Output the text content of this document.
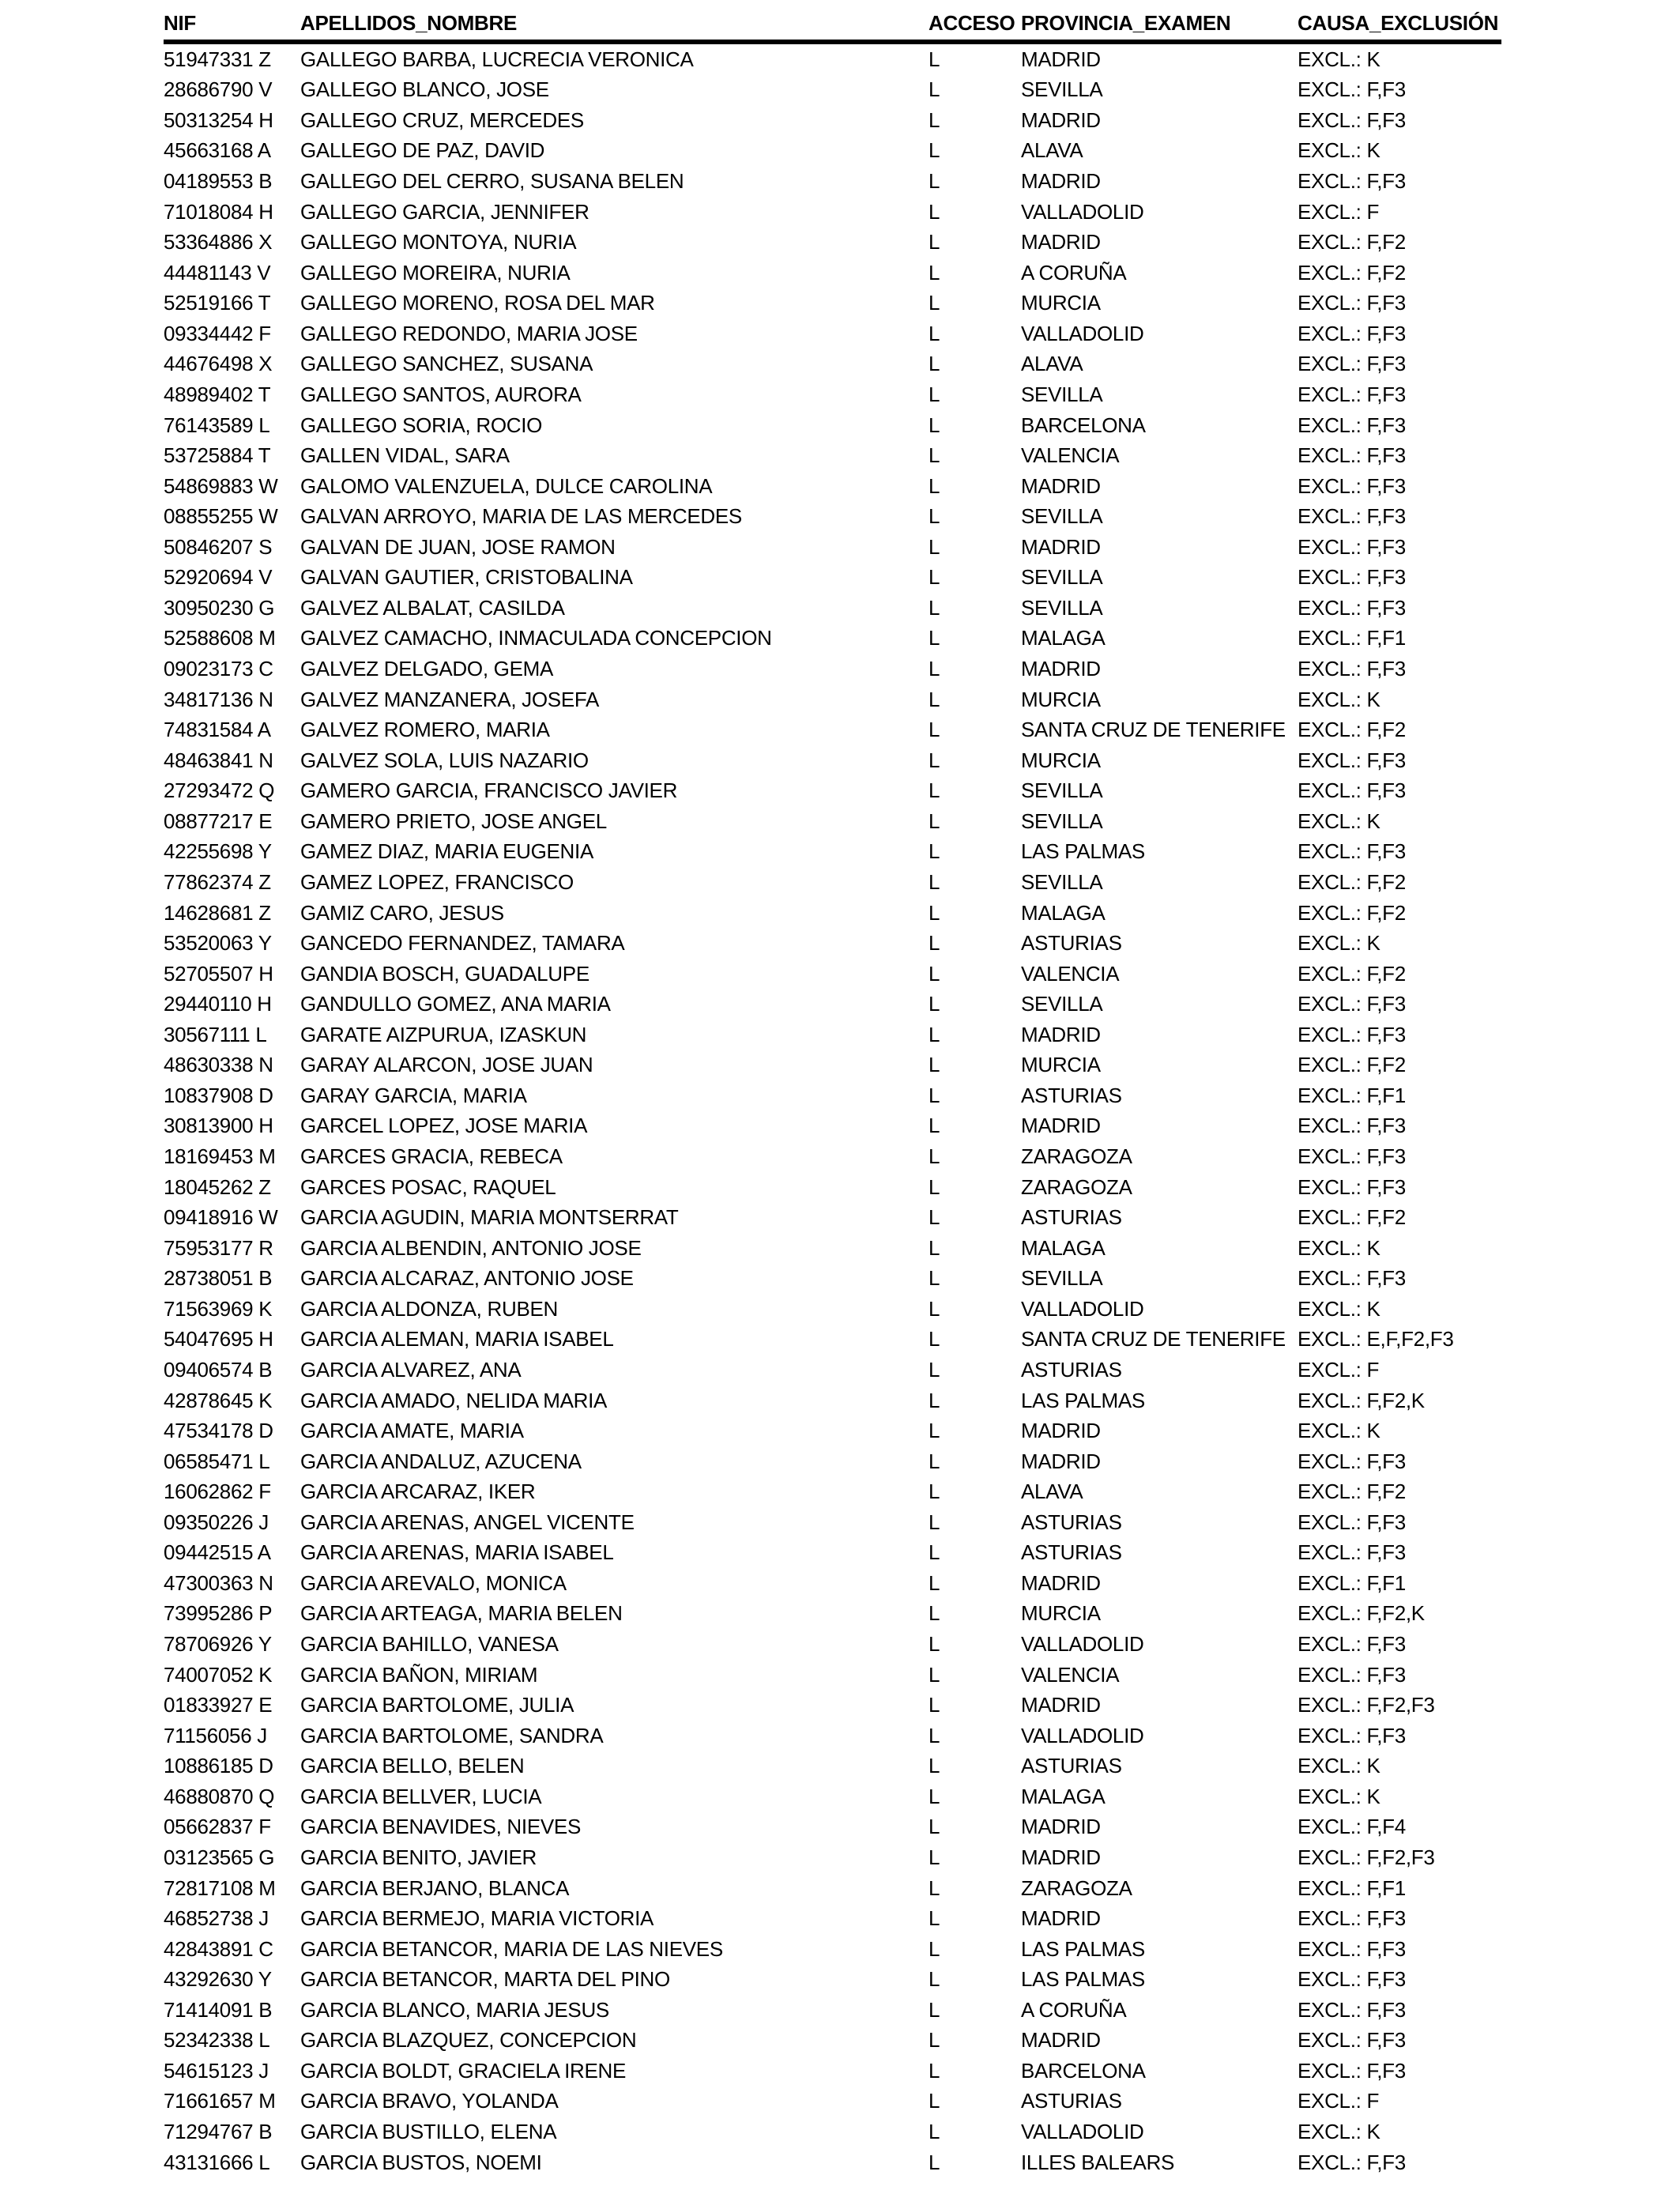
NIF	APELLIDOS_NOMBRE	ACCESO PROVINCIA_EXAMEN	CAUSA_EXCLUSIÓN
51947331 Z	GALLEGO BARBA, LUCRECIA VERONICA	L	MADRID	EXCL.: K
28686790 V	GALLEGO BLANCO, JOSE	L	SEVILLA	EXCL.: F,F3
50313254 H	GALLEGO CRUZ, MERCEDES	L	MADRID	EXCL.: F,F3
45663168 A	GALLEGO DE PAZ, DAVID	L	ALAVA	EXCL.: K
04189553 B	GALLEGO DEL CERRO, SUSANA BELEN	L	MADRID	EXCL.: F,F3
71018084 H	GALLEGO GARCIA, JENNIFER	L	VALLADOLID	EXCL.: F
53364886 X	GALLEGO MONTOYA, NURIA	L	MADRID	EXCL.: F,F2
44481143 V	GALLEGO MOREIRA, NURIA	L	A CORUÑA	EXCL.: F,F2
52519166 T	GALLEGO MORENO, ROSA DEL MAR	L	MURCIA	EXCL.: F,F3
09334442 F	GALLEGO REDONDO, MARIA JOSE	L	VALLADOLID	EXCL.: F,F3
44676498 X	GALLEGO SANCHEZ, SUSANA	L	ALAVA	EXCL.: F,F3
48989402 T	GALLEGO SANTOS, AURORA	L	SEVILLA	EXCL.: F,F3
76143589 L	GALLEGO SORIA, ROCIO	L	BARCELONA	EXCL.: F,F3
53725884 T	GALLEN VIDAL, SARA	L	VALENCIA	EXCL.: F,F3
54869883 W	GALOMO VALENZUELA, DULCE CAROLINA	L	MADRID	EXCL.: F,F3
08855255 W	GALVAN ARROYO, MARIA DE LAS MERCEDES	L	SEVILLA	EXCL.: F,F3
50846207 S	GALVAN DE JUAN, JOSE RAMON	L	MADRID	EXCL.: F,F3
52920694 V	GALVAN GAUTIER, CRISTOBALINA	L	SEVILLA	EXCL.: F,F3
30950230 G	GALVEZ ALBALAT, CASILDA	L	SEVILLA	EXCL.: F,F3
52588608 M	GALVEZ CAMACHO, INMACULADA CONCEPCION	L	MALAGA	EXCL.: F,F1
09023173 C	GALVEZ DELGADO, GEMA	L	MADRID	EXCL.: F,F3
34817136 N	GALVEZ MANZANERA, JOSEFA	L	MURCIA	EXCL.: K
74831584 A	GALVEZ ROMERO, MARIA	L	SANTA CRUZ DE TENERIFE EXCL.: F,F2
48463841 N	GALVEZ SOLA, LUIS NAZARIO	L	MURCIA	EXCL.: F,F3
27293472 Q	GAMERO GARCIA, FRANCISCO JAVIER	L	SEVILLA	EXCL.: F,F3
08877217 E	GAMERO PRIETO, JOSE ANGEL	L	SEVILLA	EXCL.: K
42255698 Y	GAMEZ DIAZ, MARIA EUGENIA	L	LAS PALMAS	EXCL.: F,F3
77862374 Z	GAMEZ LOPEZ, FRANCISCO	L	SEVILLA	EXCL.: F,F2
14628681 Z	GAMIZ CARO, JESUS	L	MALAGA	EXCL.: F,F2
53520063 Y	GANCEDO FERNANDEZ, TAMARA	L	ASTURIAS	EXCL.: K
52705507 H	GANDIA BOSCH, GUADALUPE	L	VALENCIA	EXCL.: F,F2
29440110 H	GANDULLO GOMEZ, ANA MARIA	L	SEVILLA	EXCL.: F,F3
30567111 L	GARATE AIZPURUA, IZASKUN	L	MADRID	EXCL.: F,F3
48630338 N	GARAY ALARCON, JOSE JUAN	L	MURCIA	EXCL.: F,F2
10837908 D	GARAY GARCIA, MARIA	L	ASTURIAS	EXCL.: F,F1
30813900 H	GARCEL LOPEZ, JOSE MARIA	L	MADRID	EXCL.: F,F3
18169453 M	GARCES GRACIA, REBECA	L	ZARAGOZA	EXCL.: F,F3
18045262 Z	GARCES POSAC, RAQUEL	L	ZARAGOZA	EXCL.: F,F3
09418916 W	GARCIA AGUDIN, MARIA MONTSERRAT	L	ASTURIAS	EXCL.: F,F2
75953177 R	GARCIA ALBENDIN, ANTONIO JOSE	L	MALAGA	EXCL.: K
28738051 B	GARCIA ALCARAZ, ANTONIO JOSE	L	SEVILLA	EXCL.: F,F3
71563969 K	GARCIA ALDONZA, RUBEN	L	VALLADOLID	EXCL.: K
54047695 H	GARCIA ALEMAN, MARIA ISABEL	L	SANTA CRUZ DE TENERIFE EXCL.: E,F,F2,F3
09406574 B	GARCIA ALVAREZ, ANA	L	ASTURIAS	EXCL.: F
42878645 K	GARCIA AMADO, NELIDA MARIA	L	LAS PALMAS	EXCL.: F,F2,K
47534178 D	GARCIA AMATE, MARIA	L	MADRID	EXCL.: K
06585471 L	GARCIA ANDALUZ, AZUCENA	L	MADRID	EXCL.: F,F3
16062862 F	GARCIA ARCARAZ, IKER	L	ALAVA	EXCL.: F,F2
09350226 J	GARCIA ARENAS, ANGEL VICENTE	L	ASTURIAS	EXCL.: F,F3
09442515 A	GARCIA ARENAS, MARIA ISABEL	L	ASTURIAS	EXCL.: F,F3
47300363 N	GARCIA AREVALO, MONICA	L	MADRID	EXCL.: F,F1
73995286 P	GARCIA ARTEAGA, MARIA BELEN	L	MURCIA	EXCL.: F,F2,K
78706926 Y	GARCIA BAHILLO, VANESA	L	VALLADOLID	EXCL.: F,F3
74007052 K	GARCIA BAÑON, MIRIAM	L	VALENCIA	EXCL.: F,F3
01833927 E	GARCIA BARTOLOME, JULIA	L	MADRID	EXCL.: F,F2,F3
71156056 J	GARCIA BARTOLOME, SANDRA	L	VALLADOLID	EXCL.: F,F3
10886185 D	GARCIA BELLO, BELEN	L	ASTURIAS	EXCL.: K
46880870 Q	GARCIA BELLVER, LUCIA	L	MALAGA	EXCL.: K
05662837 F	GARCIA BENAVIDES, NIEVES	L	MADRID	EXCL.: F,F4
03123565 G	GARCIA BENITO, JAVIER	L	MADRID	EXCL.: F,F2,F3
72817108 M	GARCIA BERJANO, BLANCA	L	ZARAGOZA	EXCL.: F,F1
46852738 J	GARCIA BERMEJO, MARIA VICTORIA	L	MADRID	EXCL.: F,F3
42843891 C	GARCIA BETANCOR, MARIA DE LAS NIEVES	L	LAS PALMAS	EXCL.: F,F3
43292630 Y	GARCIA BETANCOR, MARTA DEL PINO	L	LAS PALMAS	EXCL.: F,F3
71414091 B	GARCIA BLANCO, MARIA JESUS	L	A CORUÑA	EXCL.: F,F3
52342338 L	GARCIA BLAZQUEZ, CONCEPCION	L	MADRID	EXCL.: F,F3
54615123 J	GARCIA BOLDT, GRACIELA IRENE	L	BARCELONA	EXCL.: F,F3
71661657 M	GARCIA BRAVO, YOLANDA	L	ASTURIAS	EXCL.: F
71294767 B	GARCIA BUSTILLO, ELENA	L	VALLADOLID	EXCL.: K
43131666 L	GARCIA BUSTOS, NOEMI	L	ILLES BALEARS	EXCL.: F,F3
